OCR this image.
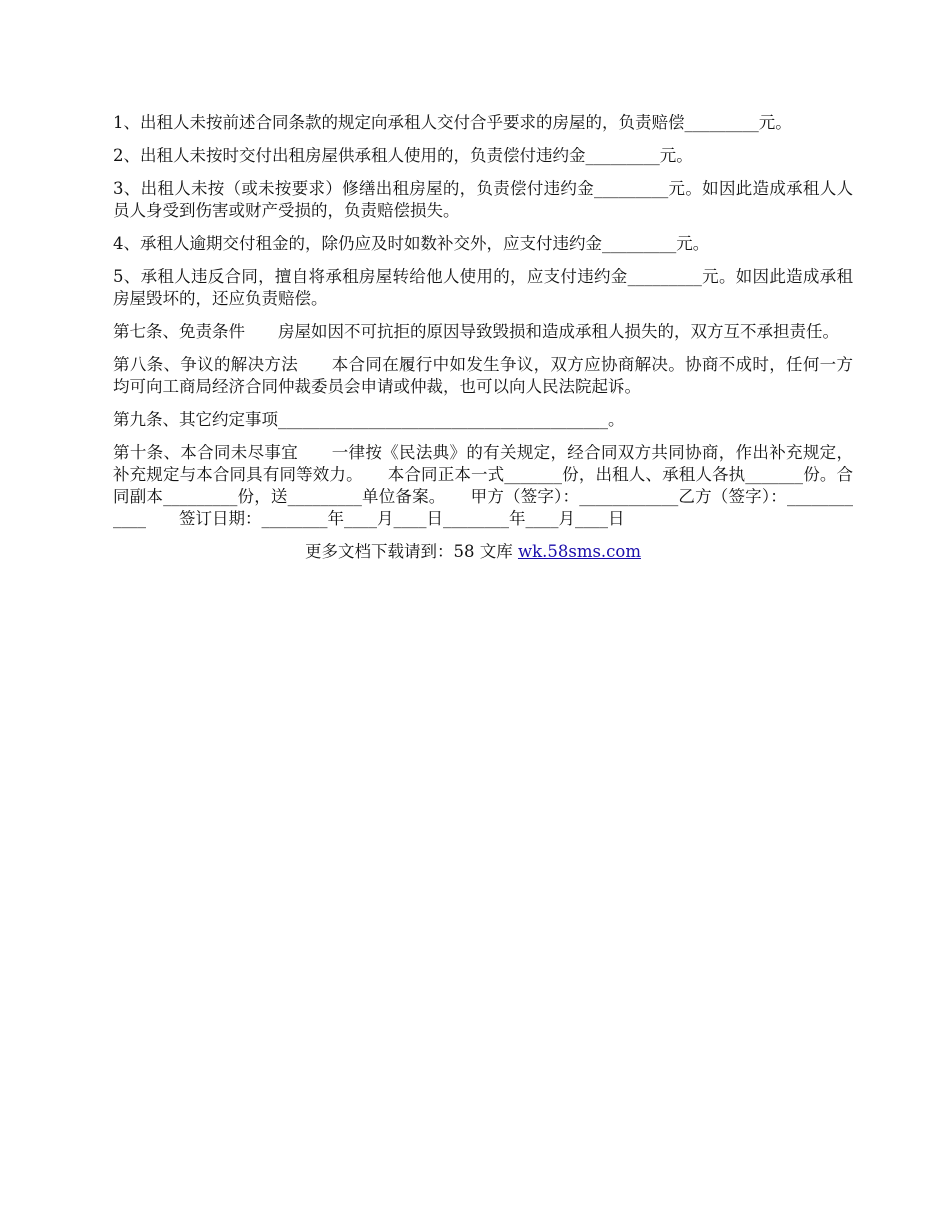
1、出租人未按前述合同条款的规定向承租人交付合乎要求的房屋的，负责赔偿_________元。

2、出租人未按时交付出租房屋供承租人使用的，负责偿付违约金_________元。

3、出租人未按（或未按要求）修缮出租房屋的，负责偿付违约金_________元。如因此造成承租人人员人身受到伤害或财产受损的，负责赔偿损失。

4、承租人逾期交付租金的，除仍应及时如数补交外，应支付违约金_________元。

5、承租人违反合同，擅自将承租房屋转给他人使用的，应支付违约金_________元。如因此造成承租房屋毁坏的，还应负责赔偿。

第七条、免责条件　　房屋如因不可抗拒的原因导致毁损和造成承租人损失的，双方互不承担责任。

第八条、争议的解决方法　　本合同在履行中如发生争议，双方应协商解决。协商不成时，任何一方均可向工商局经济合同仲裁委员会申请或仲裁，也可以向人民法院起诉。

第九条、其它约定事项________________________________________。

第十条、本合同未尽事宜　　一律按《民法典》的有关规定，经合同双方共同协商，作出补充规定，补充规定与本合同具有同等效力。　　本合同正本一式_______份，出租人、承租人各执_______份。合同副本_________份，送_________单位备案。　　甲方（签字）：____________乙方（签字）：____________　　签订日期：________年____月____日________年____月____日

更多文档下载请到：58 文库 wk.58sms.com
